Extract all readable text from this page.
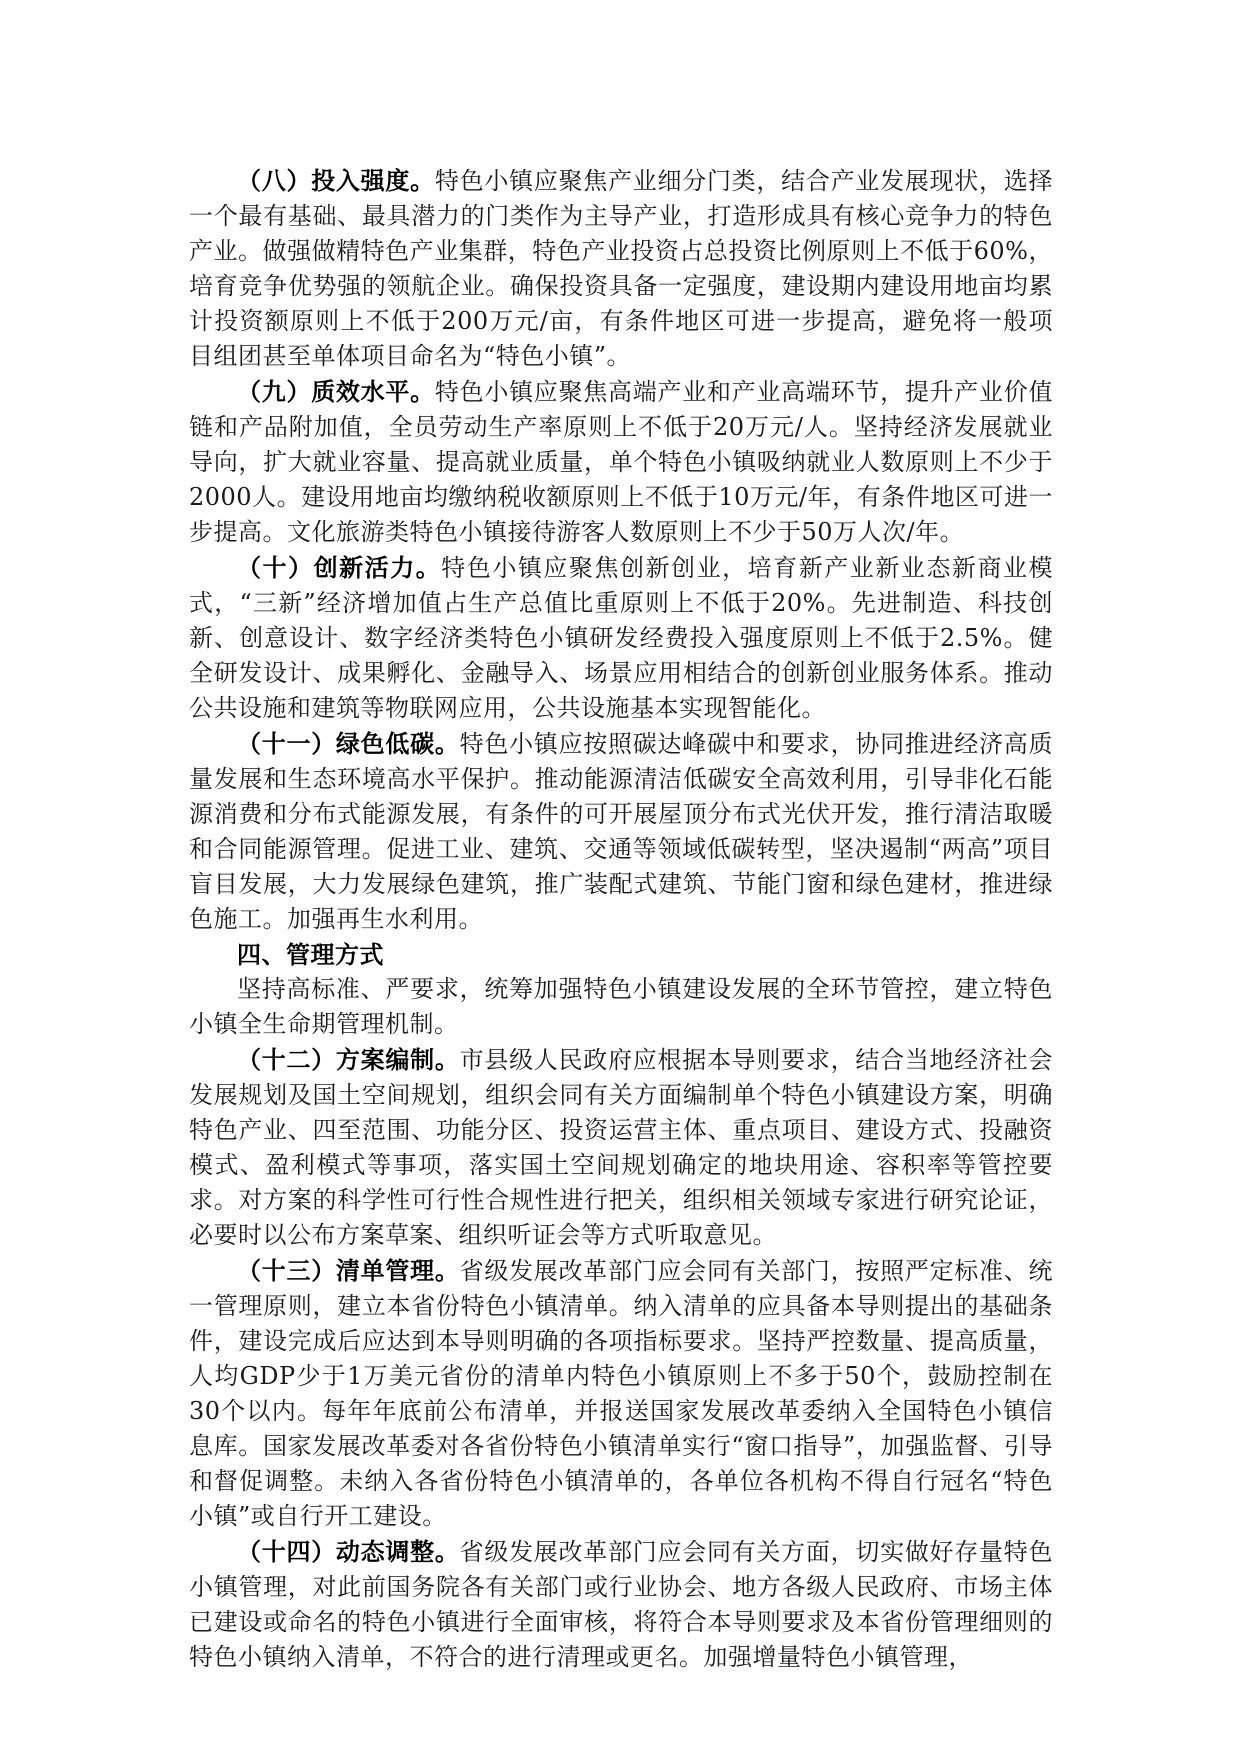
（八）投入强度。特色小镇应聚焦产业细分门类，结合产业发展现状，选择一个最有基础、最具潜力的门类作为主导产业，打造形成具有核心竞争力的特色产业。做强做精特色产业集群，特色产业投资占总投资比例原则上不低于60%，培育竞争优势强的领航企业。确保投资具备一定强度，建设期内建设用地亩均累计投资额原则上不低于200万元/亩，有条件地区可进一步提高，避免将一般项目组团甚至单体项目命名为“特色小镇”。

（九）质效水平。特色小镇应聚焦高端产业和产业高端环节，提升产业价值链和产品附加值，全员劳动生产率原则上不低于20万元/人。坚持经济发展就业导向，扩大就业容量、提高就业质量，单个特色小镇吸纳就业人数原则上不少于2000人。建设用地亩均缴纳税收额原则上不低于10万元/年，有条件地区可进一步提高。文化旅游类特色小镇接待游客人数原则上不少于50万人次/年。

（十）创新活力。特色小镇应聚焦创新创业，培育新产业新业态新商业模式，“三新”经济增加值占生产总值比重原则上不低于20%。先进制造、科技创新、创意设计、数字经济类特色小镇研发经费投入强度原则上不低于2.5%。健全研发设计、成果孵化、金融导入、场景应用相结合的创新创业服务体系。推动公共设施和建筑等物联网应用，公共设施基本实现智能化。

（十一）绿色低碳。特色小镇应按照碳达峰碳中和要求，协同推进经济高质量发展和生态环境高水平保护。推动能源清洁低碳安全高效利用，引导非化石能源消费和分布式能源发展，有条件的可开展屋顶分布式光伏开发，推行清洁取暖和合同能源管理。促进工业、建筑、交通等领域低碳转型，坚决遏制“两高”项目盲目发展，大力发展绿色建筑，推广装配式建筑、节能门窗和绿色建材，推进绿色施工。加强再生水利用。

四、管理方式

坚持高标准、严要求，统筹加强特色小镇建设发展的全环节管控，建立特色小镇全生命期管理机制。

（十二）方案编制。市县级人民政府应根据本导则要求，结合当地经济社会发展规划及国土空间规划，组织会同有关方面编制单个特色小镇建设方案，明确特色产业、四至范围、功能分区、投资运营主体、重点项目、建设方式、投融资模式、盈利模式等事项，落实国土空间规划确定的地块用途、容积率等管控要求。对方案的科学性可行性合规性进行把关，组织相关领域专家进行研究论证，必要时以公布方案草案、组织听证会等方式听取意见。

（十三）清单管理。省级发展改革部门应会同有关部门，按照严定标准、统一管理原则，建立本省份特色小镇清单。纳入清单的应具备本导则提出的基础条件，建设完成后应达到本导则明确的各项指标要求。坚持严控数量、提高质量，人均GDP少于1万美元省份的清单内特色小镇原则上不多于50个，鼓励控制在30个以内。每年年底前公布清单，并报送国家发展改革委纳入全国特色小镇信息库。国家发展改革委对各省份特色小镇清单实行“窗口指导”，加强监督、引导和督促调整。未纳入各省份特色小镇清单的，各单位各机构不得自行冠名“特色小镇”或自行开工建设。

（十四）动态调整。省级发展改革部门应会同有关方面，切实做好存量特色小镇管理，对此前国务院各有关部门或行业协会、地方各级人民政府、市场主体已建设或命名的特色小镇进行全面审核，将符合本导则要求及本省份管理细则的特色小镇纳入清单，不符合的进行清理或更名。加强增量特色小镇管理，
